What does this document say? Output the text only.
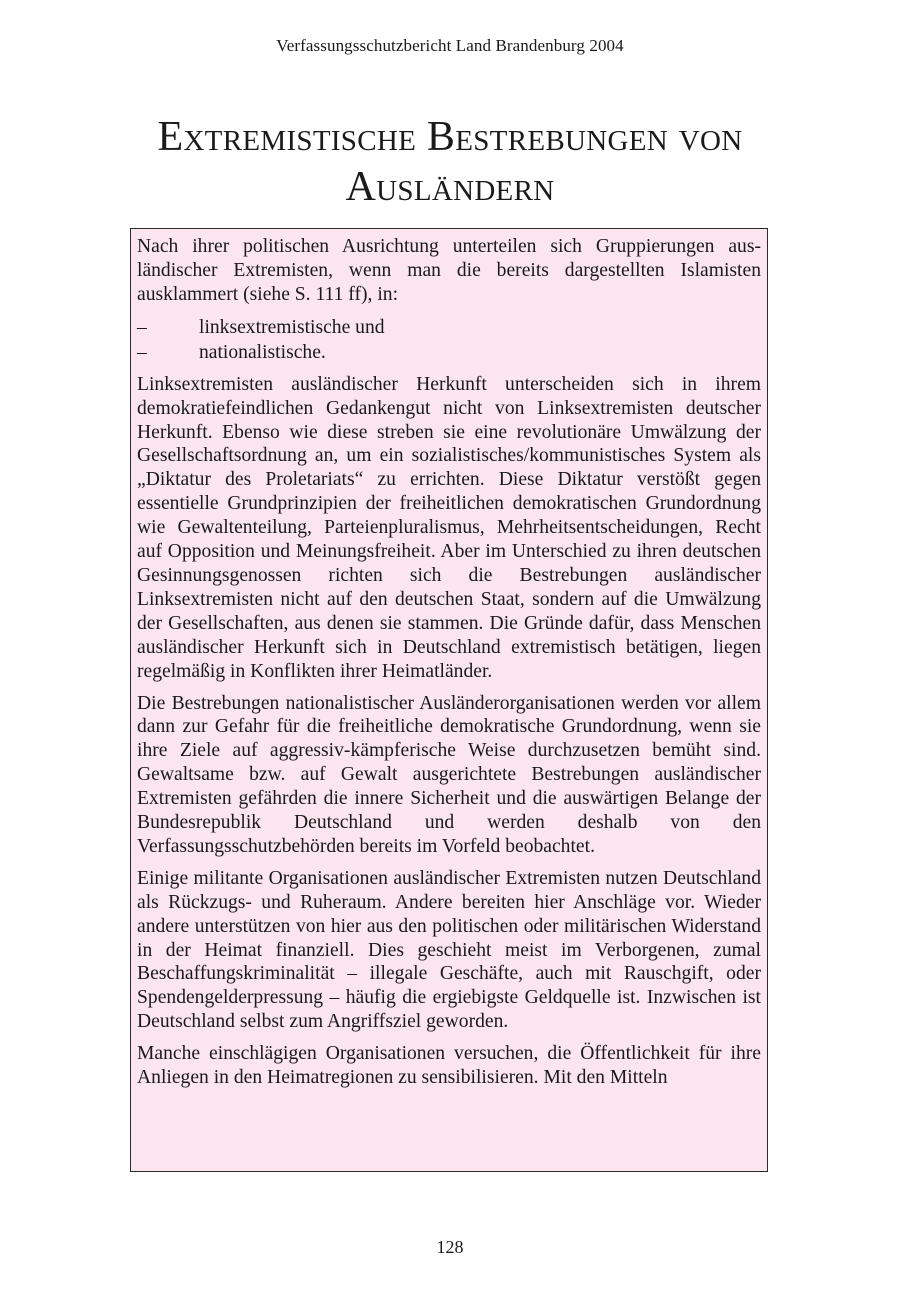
Verfassungsschutzbericht Land Brandenburg 2004
Extremistische Bestrebungen von
Ausländern

Nach ihrer politischen Ausrichtung unterteilen sich Gruppierungen ausländischer Extremisten, wenn man die bereits dargestellten Islamisten ausklammert (siehe S. 111 ff), in:

–	linksextremistische und
–	nationalistische.

Linksextremisten ausländischer Herkunft unterscheiden sich in ihrem demokratiefeindlichen Gedankengut nicht von Linksextremisten deutscher Herkunft. Ebenso wie diese streben sie eine revolutionäre Umwälzung der Gesellschaftsordnung an, um ein sozialistisches/kommunistisches System als „Diktatur des Proletariats“ zu errichten. Diese Diktatur verstößt gegen essentielle Grundprinzipien der freiheitlichen demokratischen Grundordnung wie Gewaltenteilung, Parteienpluralismus, Mehrheitsentscheidungen, Recht auf Opposition und Meinungsfreiheit. Aber im Unterschied zu ihren deutschen Gesinnungsgenossen richten sich die Bestrebungen ausländischer Linksextremisten nicht auf den deutschen Staat, sondern auf die Umwälzung der Gesellschaften, aus denen sie stammen. Die Gründe dafür, dass Menschen ausländischer Herkunft sich in Deutschland extremistisch betätigen, liegen regelmäßig in Konflikten ihrer Heimatländer.

Die Bestrebungen nationalistischer Ausländerorganisationen werden vor allem dann zur Gefahr für die freiheitliche demokratische Grundordnung, wenn sie ihre Ziele auf aggressiv-kämpferische Weise durchzusetzen bemüht sind. Gewaltsame bzw. auf Gewalt ausgerichtete Bestrebungen ausländischer Extremisten gefährden die innere Sicherheit und die auswärtigen Belange der Bundesrepublik Deutschland und werden deshalb von den Verfassungsschutzbehörden bereits im Vorfeld beobachtet.

Einige militante Organisationen ausländischer Extremisten nutzen Deutschland als Rückzugs- und Ruheraum. Andere bereiten hier Anschläge vor. Wieder andere unterstützen von hier aus den politischen oder militärischen Widerstand in der Heimat finanziell. Dies geschieht meist im Verborgenen, zumal Beschaffungskriminalität – illegale Geschäfte, auch mit Rauschgift, oder Spendengelderpressung – häufig die ergiebigste Geldquelle ist. Inzwischen ist Deutschland selbst zum Angriffsziel geworden.

Manche einschlägigen Organisationen versuchen, die Öffentlichkeit für ihre Anliegen in den Heimatregionen zu sensibilisieren. Mit den Mitteln

128
